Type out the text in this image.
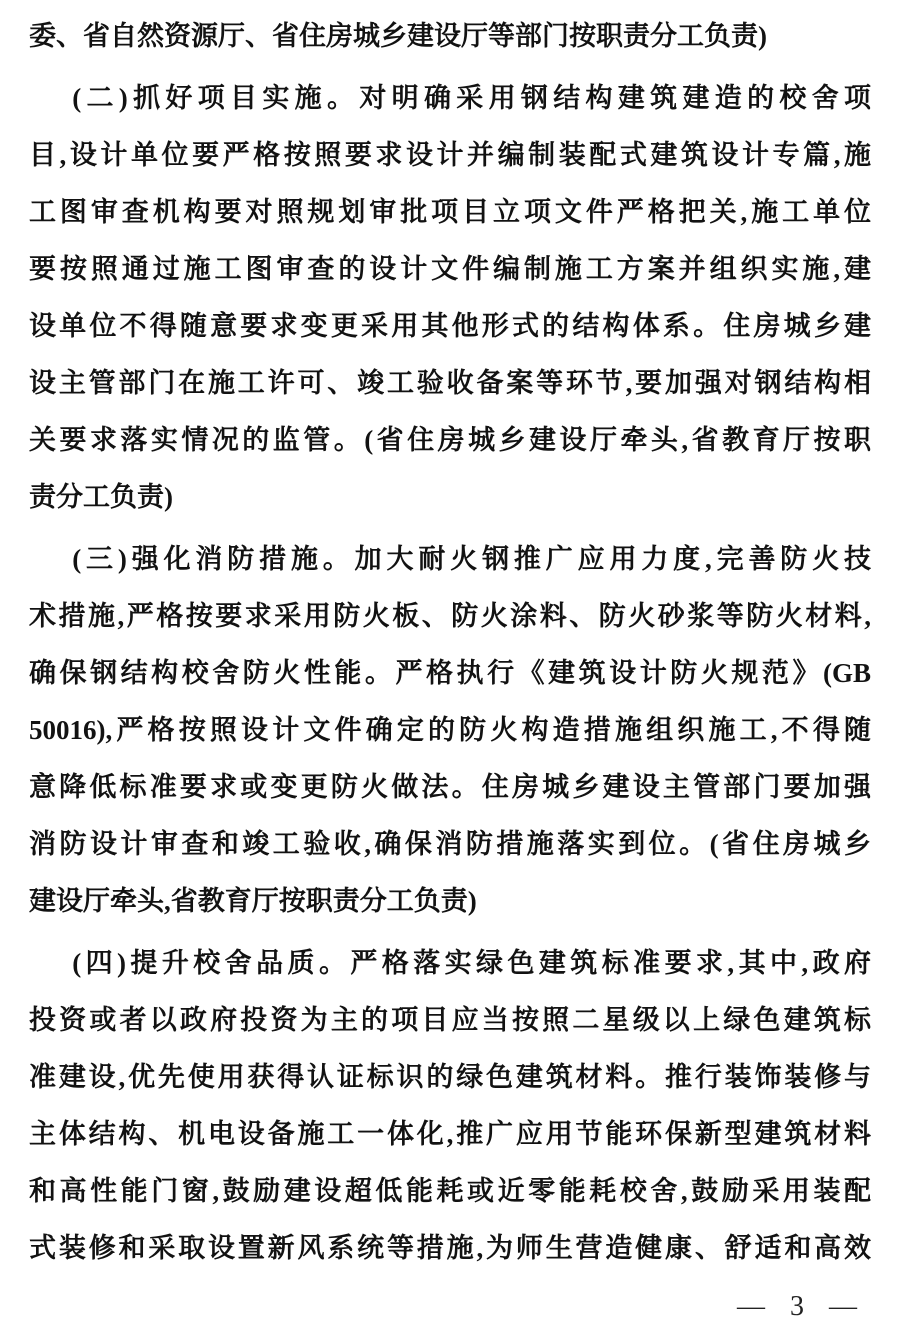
委、省自然资源厅、省住房城乡建设厅等部门按职责分工负责)
(二)抓好项目实施。对明确采用钢结构建筑建造的校舍项
目,设计单位要严格按照要求设计并编制装配式建筑设计专篇,施
工图审查机构要对照规划审批项目立项文件严格把关,施工单位
要按照通过施工图审查的设计文件编制施工方案并组织实施,建
设单位不得随意要求变更采用其他形式的结构体系。住房城乡建
设主管部门在施工许可、竣工验收备案等环节,要加强对钢结构相
关要求落实情况的监管。(省住房城乡建设厅牵头,省教育厅按职
责分工负责)
(三)强化消防措施。加大耐火钢推广应用力度,完善防火技
术措施,严格按要求采用防火板、防火涂料、防火砂浆等防火材料,
确保钢结构校舍防火性能。严格执行《建筑设计防火规范》(GB
50016),严格按照设计文件确定的防火构造措施组织施工,不得随
意降低标准要求或变更防火做法。住房城乡建设主管部门要加强
消防设计审查和竣工验收,确保消防措施落实到位。(省住房城乡
建设厅牵头,省教育厅按职责分工负责)
(四)提升校舍品质。严格落实绿色建筑标准要求,其中,政府
投资或者以政府投资为主的项目应当按照二星级以上绿色建筑标
准建设,优先使用获得认证标识的绿色建筑材料。推行装饰装修与
主体结构、机电设备施工一体化,推广应用节能环保新型建筑材料
和高性能门窗,鼓励建设超低能耗或近零能耗校舍,鼓励采用装配
式装修和采取设置新风系统等措施,为师生营造健康、舒适和高效
— 3 —
